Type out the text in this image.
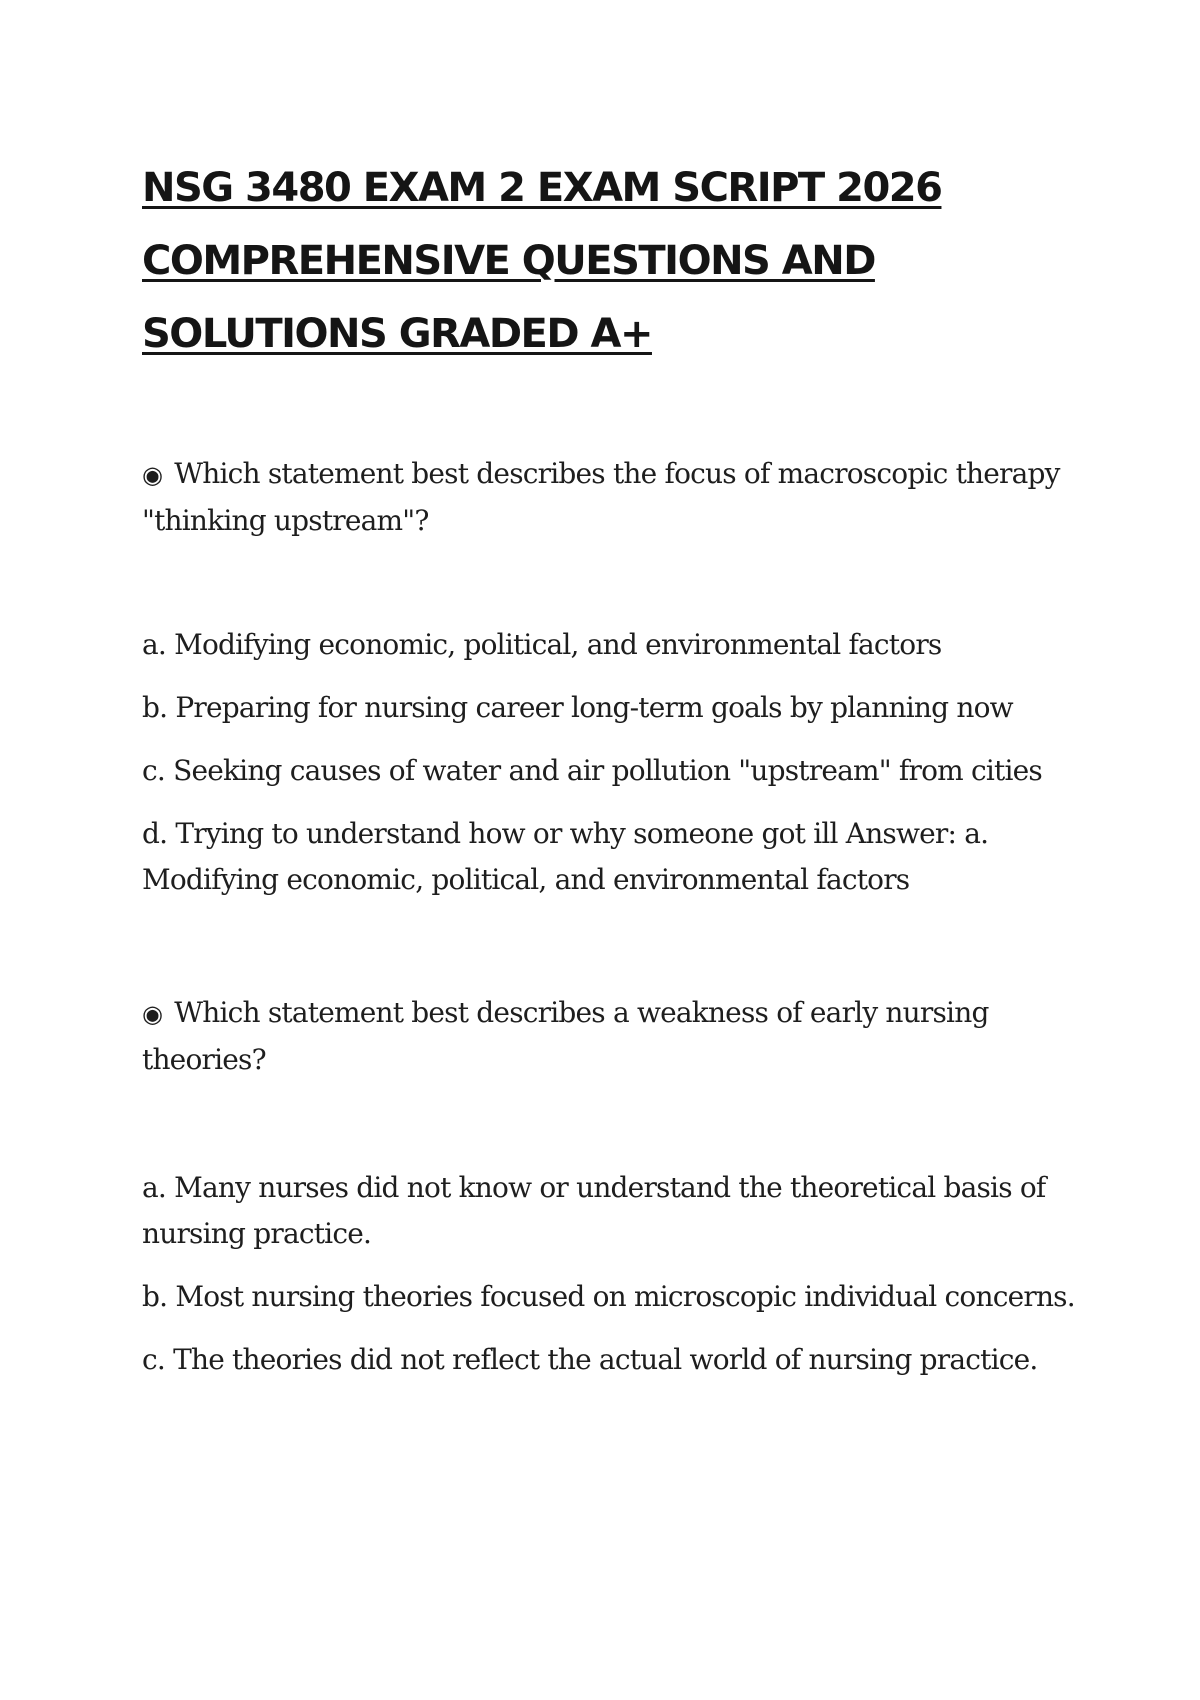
NSG 3480 EXAM 2 EXAM SCRIPT 2026
COMPREHENSIVE QUESTIONS AND
SOLUTIONS GRADED A+

◉ Which statement best describes the focus of macroscopic therapy "thinking upstream"?

a. Modifying economic, political, and environmental factors

b. Preparing for nursing career long-term goals by planning now

c. Seeking causes of water and air pollution "upstream" from cities

d. Trying to understand how or why someone got ill Answer: a. Modifying economic, political, and environmental factors

◉ Which statement best describes a weakness of early nursing theories?

a. Many nurses did not know or understand the theoretical basis of nursing practice.

b. Most nursing theories focused on microscopic individual concerns.

c. The theories did not reflect the actual world of nursing practice.
